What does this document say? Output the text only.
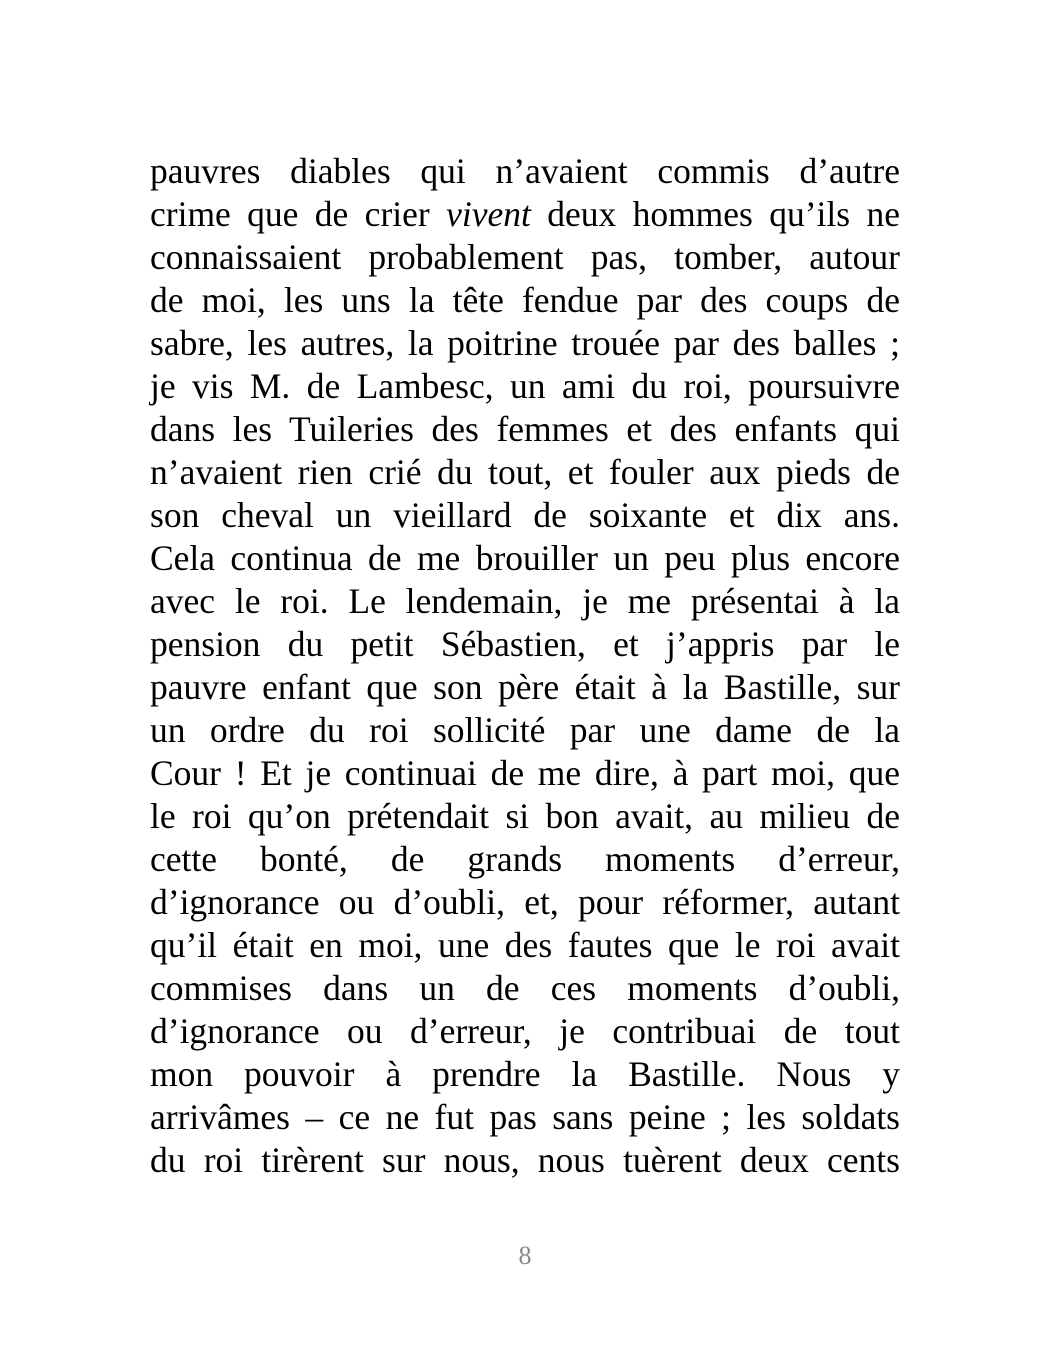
pauvres diables qui n’avaient commis d’autre
crime que de crier vivent deux hommes qu’ils ne
connaissaient probablement pas, tomber, autour
de moi, les uns la tête fendue par des coups de
sabre, les autres, la poitrine trouée par des balles ;
je vis M. de Lambesc, un ami du roi, poursuivre
dans les Tuileries des femmes et des enfants qui
n’avaient rien crié du tout, et fouler aux pieds de
son cheval un vieillard de soixante et dix ans.
Cela continua de me brouiller un peu plus encore
avec le roi. Le lendemain, je me présentai à la
pension du petit Sébastien, et j’appris par le
pauvre enfant que son père était à la Bastille, sur
un ordre du roi sollicité par une dame de la
Cour ! Et je continuai de me dire, à part moi, que
le roi qu’on prétendait si bon avait, au milieu de
cette bonté, de grands moments d’erreur,
d’ignorance ou d’oubli, et, pour réformer, autant
qu’il était en moi, une des fautes que le roi avait
commises dans un de ces moments d’oubli,
d’ignorance ou d’erreur, je contribuai de tout
mon pouvoir à prendre la Bastille. Nous y
arrivâmes – ce ne fut pas sans peine ; les soldats
du roi tirèrent sur nous, nous tuèrent deux cents
8
